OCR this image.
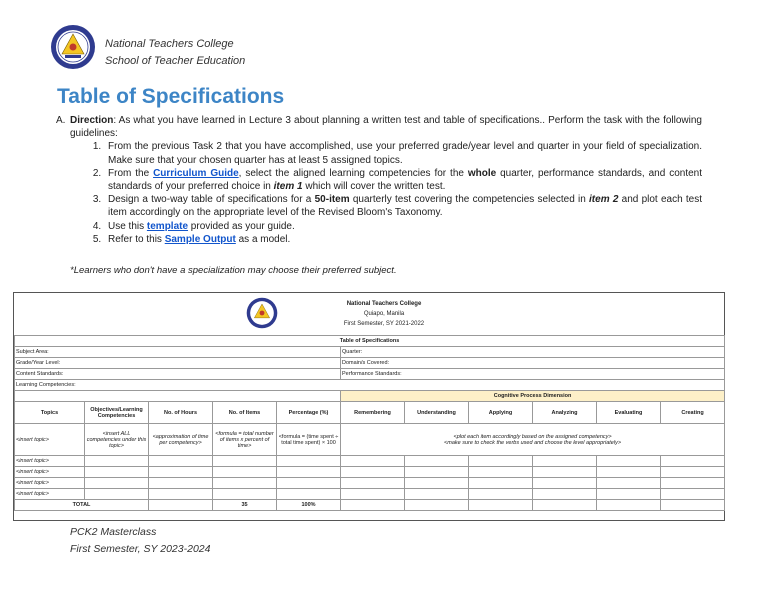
National Teachers College
School of Teacher Education
Table of Specifications
A. Direction: As what you have learned in Lecture 3 about planning a written test and table of specifications.. Perform the task with the following guidelines:
1. From the previous Task 2 that you have accomplished, use your preferred grade/year level and quarter in your field of specialization. Make sure that your chosen quarter has at least 5 assigned topics.
2. From the Curriculum Guide, select the aligned learning competencies for the whole quarter, performance standards, and content standards of your preferred choice in item 1 which will cover the written test.
3. Design a two-way table of specifications for a 50-item quarterly test covering the competencies selected in item 2 and plot each test item accordingly on the appropriate level of the Revised Bloom's Taxonomy.
4. Use this template provided as your guide.
5. Refer to this Sample Output as a model.
*Learners who don't have a specialization may choose their preferred subject.
National Teachers College
Quiapo, Manila
First Semester, SY 2021-2022
Table of Specifications										
Subject Area:					Quarter:					
Grade/Year Level:					Domain/s Covered:					
Content Standards:					Performance Standards:					
Learning Competencies:										
					Cognitive Process Dimension					
Topics	Objectives/Learning Competencies	No. of Hours	No. of Items	Percentage (%)	Remembering	Understanding	Applying	Analyzing	Evaluating	Creating
<insert topic>	<insert ALL competencies under this topic>	<approximation of time per competency>	<formula = total number of items x percent of time>	<formula = (time spent ÷ total time spent) × 100	<plot each item accordingly based on the assigned competency>
<make sure to check the verbs used and choose the level appropriately>					

<insert topic>										
<insert topic>										
<insert topic>										
<insert topic>										
TOTAL			35	100%						
PCK2 Masterclass
First Semester, SY 2023-2024
